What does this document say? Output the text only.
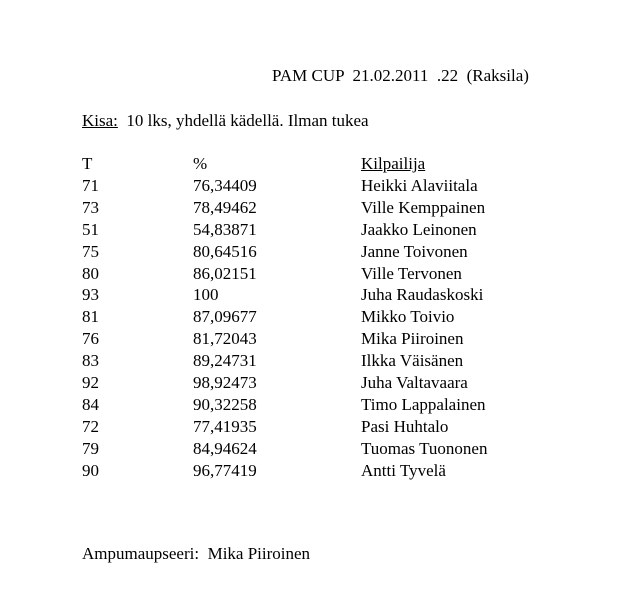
PAM CUP  21.02.2011  .22  (Raksila)
Kisa:  10 lks, yhdellä kädellä. Ilman tukea
T	%	Kilpailija
71	76,34409	Heikki Alaviitala
73	78,49462	Ville Kemppainen
51	54,83871	Jaakko Leinonen
75	80,64516	Janne Toivonen
80	86,02151	Ville Tervonen
93	100	Juha Raudaskoski
81	87,09677	Mikko Toivio
76	81,72043	Mika Piiroinen
83	89,24731	Ilkka Väisänen
92	98,92473	Juha Valtavaara
84	90,32258	Timo Lappalainen
72	77,41935	Pasi Huhtalo
79	84,94624	Tuomas Tuononen
90	96,77419	Antti Tyvelä
Ampumaupseeri:  Mika Piiroinen
